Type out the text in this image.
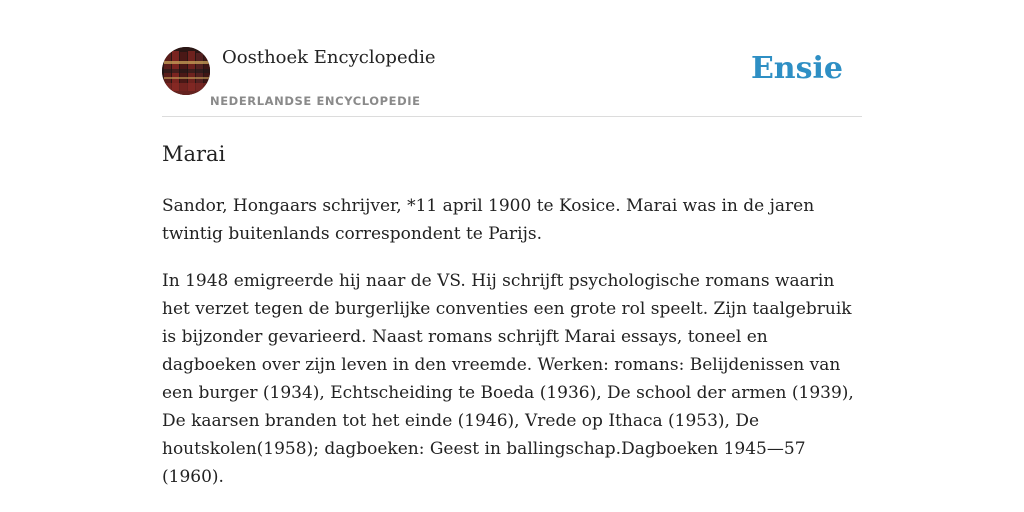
Oosthoek Encyclopedie
NEDERLANDSE ENCYCLOPEDIE
Ensie
Marai

Sandor, Hongaars schrijver, *11 april 1900 te Kosice. Marai was in de jaren twintig buitenlands correspondent te Parijs.

In 1948 emigreerde hij naar de VS. Hij schrijft psychologische romans waarin het verzet tegen de burgerlijke conventies een grote rol speelt. Zijn taalgebruik is bijzonder gevarieerd. Naast romans schrijft Marai essays, toneel en dagboeken over zijn leven in den vreemde. Werken: romans: Belijdenissen van een burger (1934), Echtscheiding te Boeda (1936), De school der armen (1939), De kaarsen branden tot het einde (1946), Vrede op Ithaca (1953), De houtskolen(1958); dagboeken: Geest in ballingschap.Dagboeken 1945—57 (1960).
